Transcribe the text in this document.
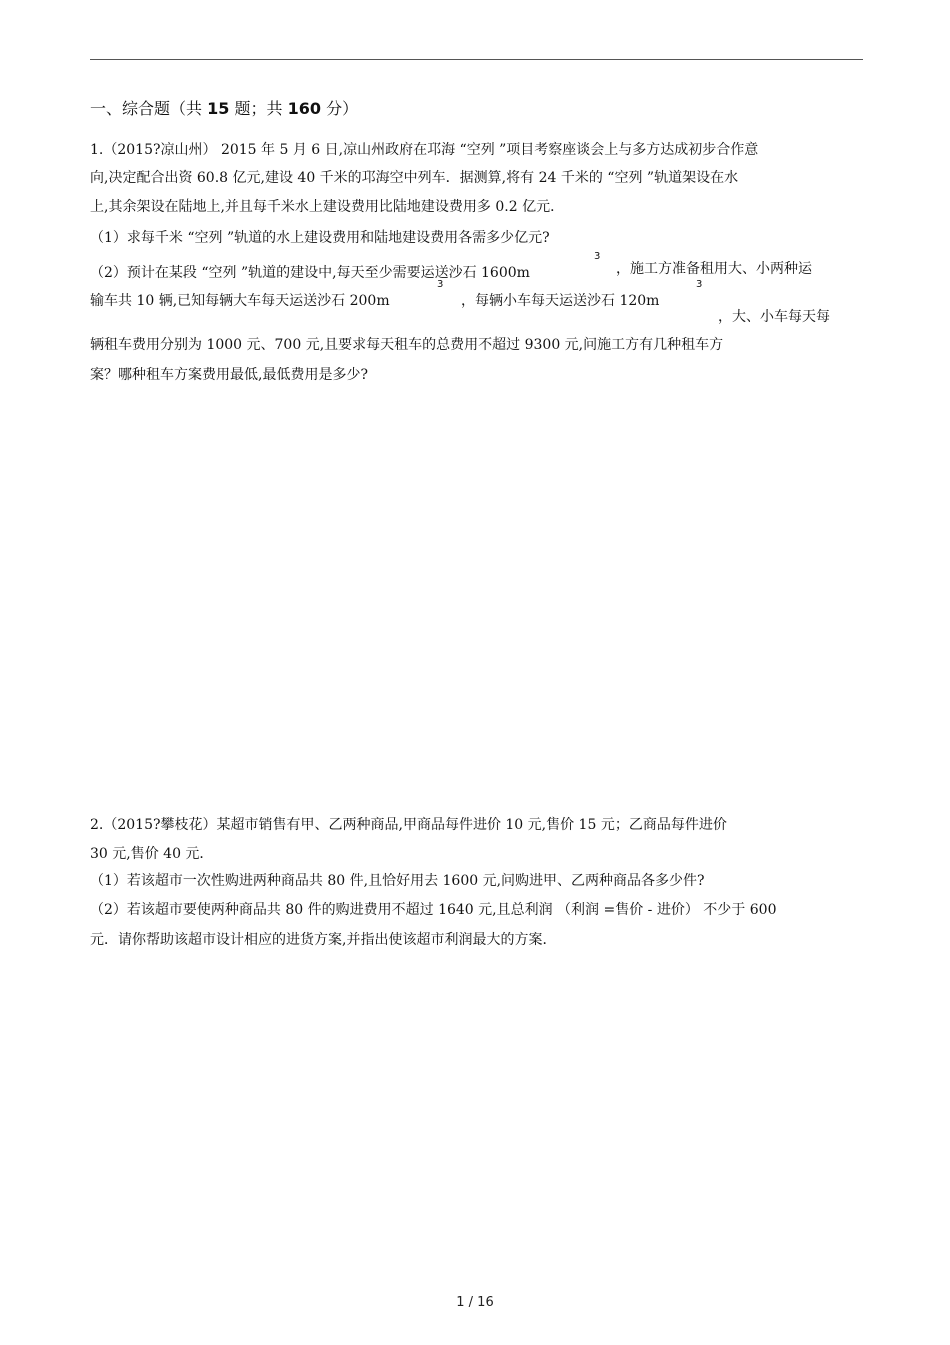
一、综合题（共 15 题；共 160 分）
1.（2015?凉山州） 2015 年 5 月 6 日,凉山州政府在邛海 “空列 ”项目考察座谈会上与多方达成初步合作意
向,决定配合出资 60.8 亿元,建设 40 千米的邛海空中列车．据测算,将有 24 千米的 “空列 ”轨道架设在水
上,其余架设在陆地上,并且每千米水上建设费用比陆地建设费用多 0.2 亿元．
（1）求每千米 “空列 ”轨道的水上建设费用和陆地建设费用各需多少亿元?
（2）预计在某段 “空列 ”轨道的建设中,每天至少需要运送沙石 1600m
3
，施工方准备租用大、小两种运
输车共 10 辆,已知每辆大车每天运送沙石 200m
3
，每辆小车每天运送沙石 120m
3
，大、小车每天每
辆租车费用分别为 1000 元、700 元,且要求每天租车的总费用不超过 9300 元,问施工方有几种租车方
案？哪种租车方案费用最低,最低费用是多少?
2.（2015?攀枝花）某超市销售有甲、乙两种商品,甲商品每件进价 10 元,售价 15 元；乙商品每件进价
30 元,售价 40 元．
（1）若该超市一次性购进两种商品共 80 件,且恰好用去 1600 元,问购进甲、乙两种商品各多少件?
（2）若该超市要使两种商品共 80 件的购进费用不超过 1640 元,且总利润 （利润 =售价 - 进价） 不少于 600
元．请你帮助该超市设计相应的进货方案,并指出使该超市利润最大的方案．
1 / 16
